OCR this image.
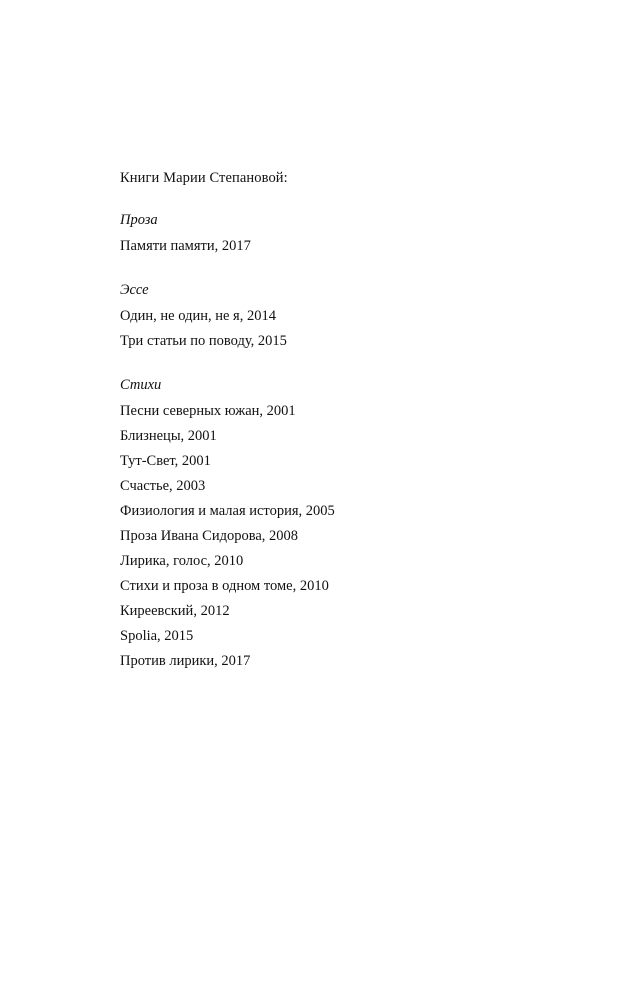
Книги Марии Степановой:
Проза
Памяти памяти, 2017
Эссе
Один, не один, не я, 2014
Три статьи по поводу, 2015
Стихи
Песни северных южан, 2001
Близнецы, 2001
Тут-Свет, 2001
Счастье, 2003
Физиология и малая история, 2005
Проза Ивана Сидорова, 2008
Лирика, голос, 2010
Стихи и проза в одном томе, 2010
Киреевский, 2012
Spolia, 2015
Против лирики, 2017
